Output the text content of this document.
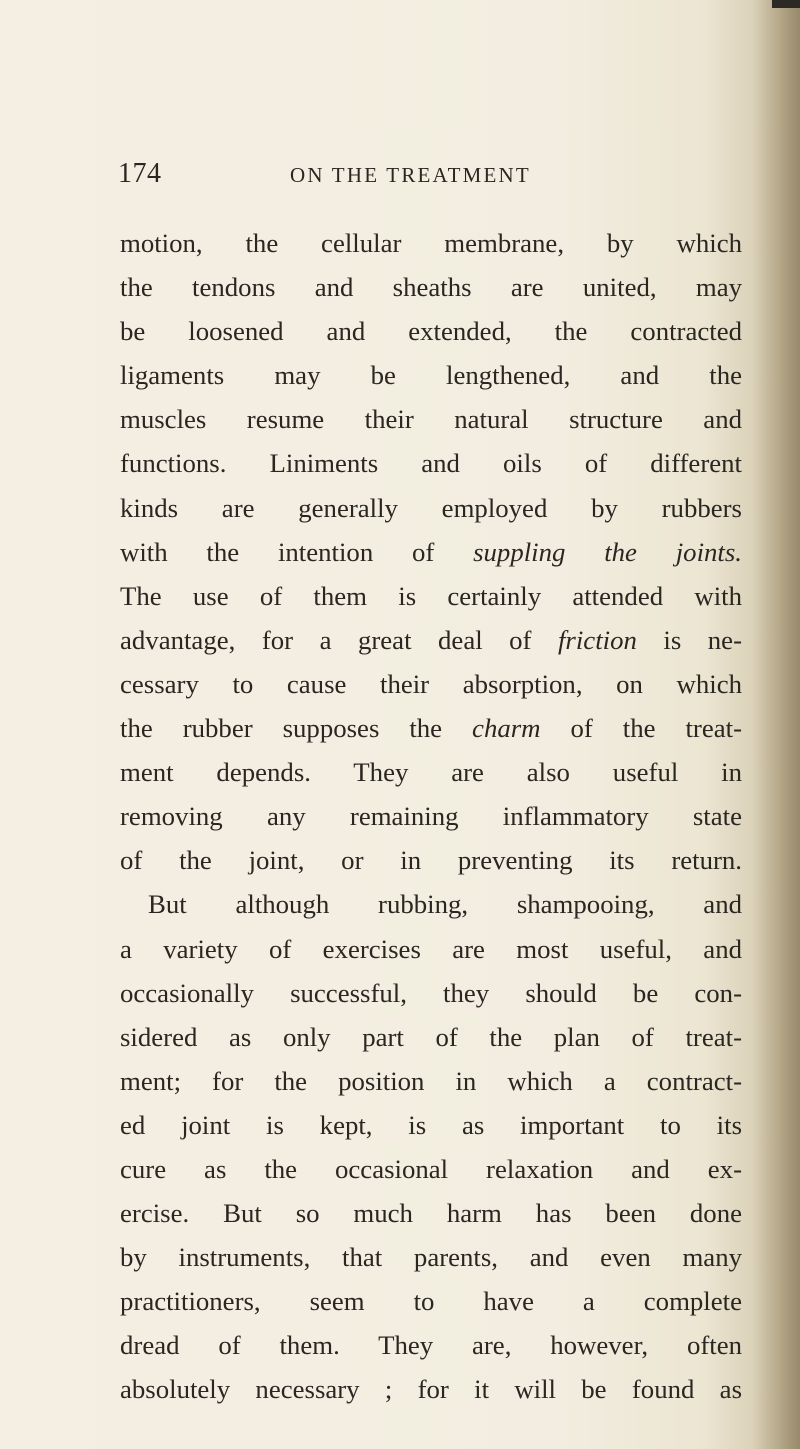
174	ON THE TREATMENT
motion, the cellular membrane, by which
the tendons and sheaths are united, may
be loosened and extended, the contracted
ligaments may be lengthened, and the
muscles resume their natural structure and
functions. Liniments and oils of different
kinds are generally employed by rubbers
with the intention of suppling the joints.
The use of them is certainly attended with
advantage, for a great deal of friction is ne-
cessary to cause their absorption, on which
the rubber supposes the charm of the treat-
ment depends. They are also useful in
removing any remaining inflammatory state
of the joint, or in preventing its return.
But although rubbing, shampooing, and
a variety of exercises are most useful, and
occasionally successful, they should be con-
sidered as only part of the plan of treat-
ment; for the position in which a contract-
ed joint is kept, is as important to its
cure as the occasional relaxation and ex-
ercise. But so much harm has been done
by instruments, that parents, and even many
practitioners, seem to have a complete
dread of them. They are, however, often
absolutely necessary ; for it will be found as
